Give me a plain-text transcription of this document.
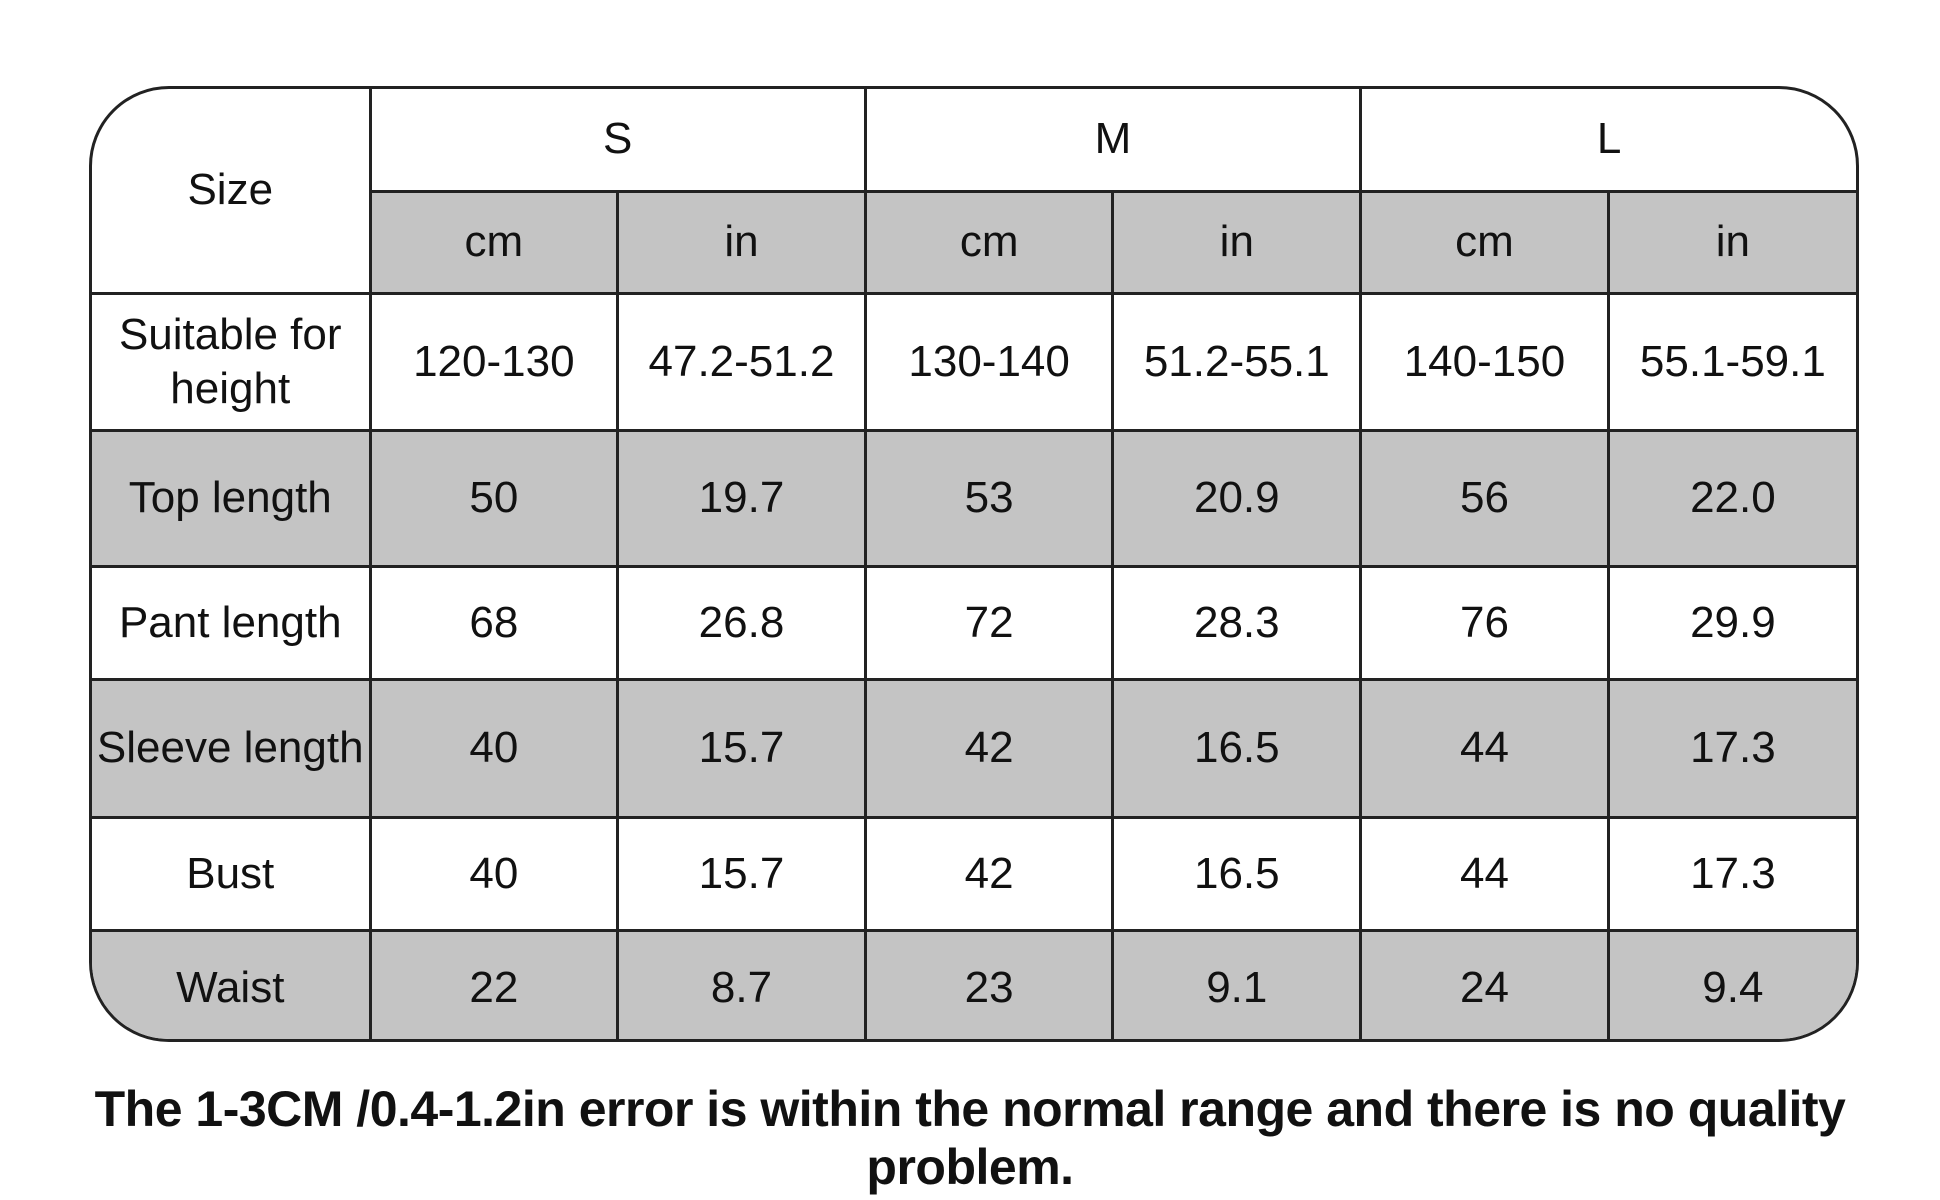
Size	S		M		L	
	cm	in	cm	in	cm	in

Suitable for
height	120-130	47.2-51.2	130-140	51.2-55.1	140-150	55.1-59.1
Top length	50	19.7	53	20.9	56	22.0
Pant length	68	26.8	72	28.3	76	29.9
Sleeve length	40	15.7	42	16.5	44	17.3
Bust	40	15.7	42	16.5	44	17.3
Waist	22	8.7	23	9.1	24	9.4
The 1-3CM /0.4-1.2in error is within the normal range and there is no quality problem.
